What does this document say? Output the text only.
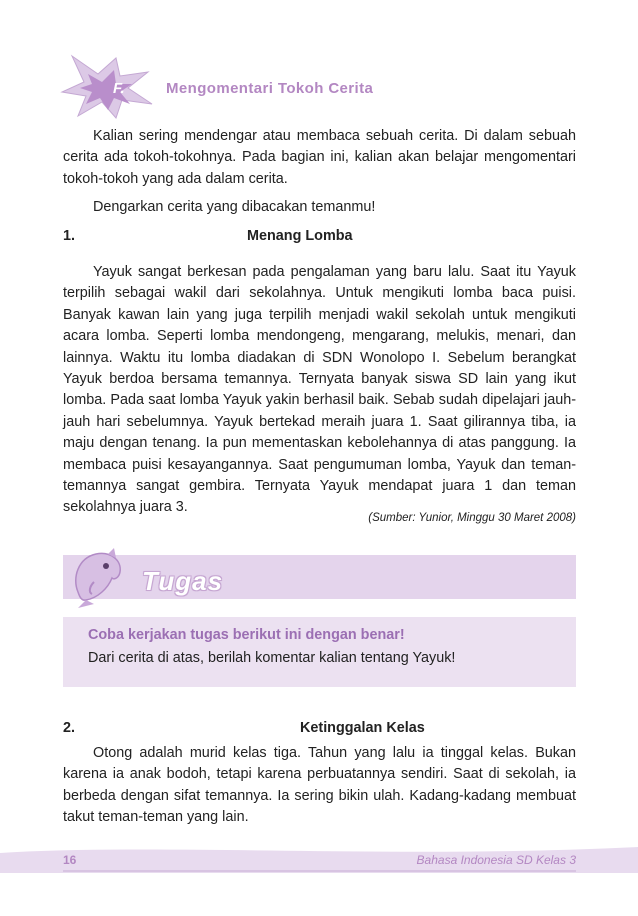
F.	Mengomentari Tokoh Cerita

Kalian sering mendengar atau membaca sebuah cerita. Di dalam sebuah cerita ada tokoh-tokohnya. Pada bagian ini, kalian akan belajar mengomentari tokoh-tokoh yang ada dalam cerita.

Dengarkan cerita yang dibacakan temanmu!

1.	Menang Lomba

Yayuk sangat berkesan pada pengalaman yang baru lalu. Saat itu Yayuk terpilih sebagai wakil dari sekolahnya. Untuk mengikuti lomba baca puisi. Banyak kawan lain yang juga terpilih menjadi wakil sekolah untuk mengikuti acara lomba. Seperti lomba mendongeng, mengarang, melukis, menari, dan lainnya. Waktu itu lomba diadakan di SDN Wonolopo I. Sebelum berangkat Yayuk berdoa bersama temannya. Ternyata banyak siswa SD lain yang ikut lomba. Pada saat lomba Yayuk yakin berhasil baik. Sebab sudah dipelajari jauh-jauh hari sebelumnya. Yayuk bertekad meraih juara 1. Saat gilirannya tiba, ia maju dengan tenang. Ia pun mementaskan kebolehannya di atas panggung. Ia membaca puisi kesayangannya. Saat pengumuman lomba, Yayuk dan teman-temannya sangat gembira. Ternyata Yayuk mendapat juara 1 dan teman sekolahnya juara 3.

(Sumber: Yunior, Minggu 30 Maret 2008)
Tugas
Coba kerjakan tugas berikut ini dengan benar!
Dari cerita di atas, berilah komentar kalian tentang Yayuk!
2.	Ketinggalan Kelas

Otong adalah murid kelas tiga. Tahun yang lalu ia tinggal kelas. Bukan karena ia anak bodoh, tetapi karena perbuatannya sendiri. Saat di sekolah, ia berbeda dengan sifat temannya. Ia sering bikin ulah. Kadang-kadang membuat takut teman-teman yang lain.

16	Bahasa Indonesia SD Kelas 3
